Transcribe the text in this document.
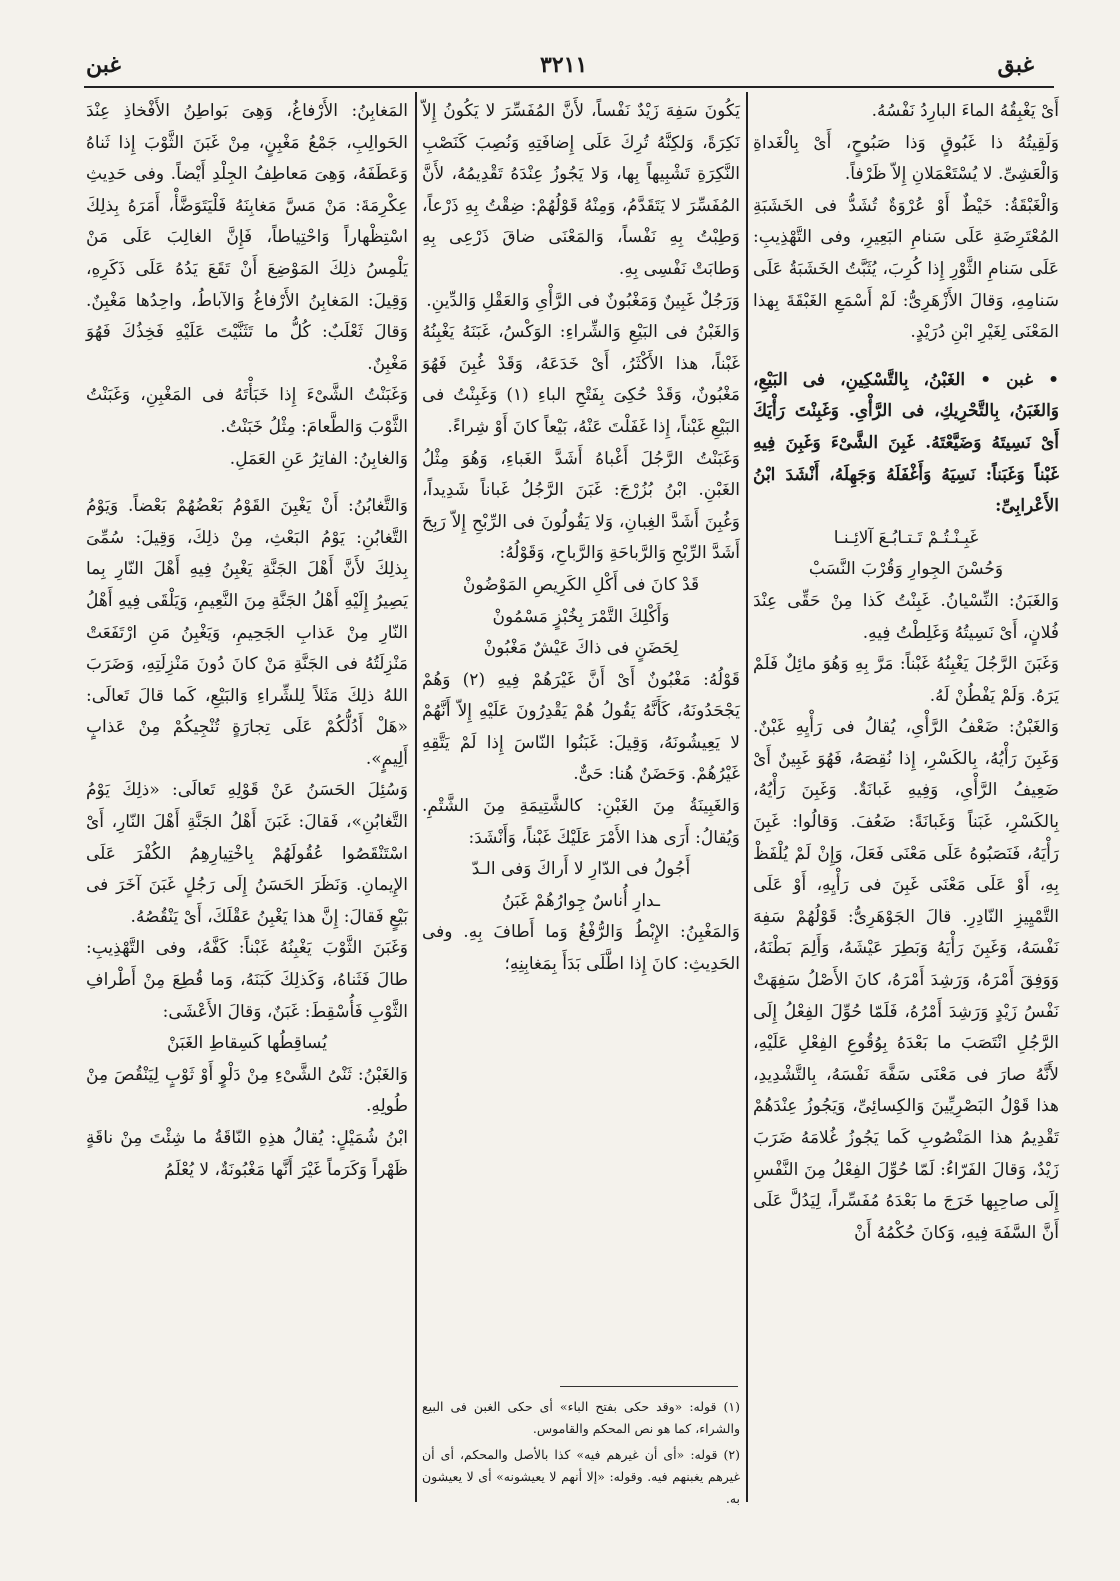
غبق
٣٢١١
غبن

أَىْ يَغْبِقُهُ الماءَ البارِدُ نَفْسُهُ.

وَلَقِيتُهُ ذا غَبُوقٍ وَذا صَبُوحٍ، أَىْ بِالْغَداةِ وَالْعَشِىِّ. لا يُسْتَعْمَلانِ إِلاّ ظَرْفاً.

وَالْغَبْقَةُ: خَيْطٌ أَوْ عُرْوَةٌ تُشَدُّ فى الخَشَبَةِ المُعْتَرِضَةِ عَلَى سَنامِ البَعِيرِ، وفى التَّهْذِيبِ: عَلَى سَنامِ الثَّوْرِ إِذا كُرِبَ، يُثَبَّتُ الخَشَبَةُ عَلَى سَنامِهِ، وَقالَ الأَزْهَرِىُّ: لَمْ أَسْمَعِ الغَبْقَةَ بِهذا المَعْنَى لِغَيْرِ ابْنِ دُرَيْدٍ.

• غبن • الغَبْنُ، بِالتَّسْكِينِ، فى البَيْعِ، وَالغَبَنُ، بِالتَّحْرِيكِ، فى الرَّأْىِ. وَغَبِنْتَ رَأْيَكَ أَىْ نَسِيتَهُ وَضَيَّعْتَهُ. غَبِنَ الشَّىْءَ وَغَبِنَ فِيهِ غَبْناً وَغَبَناً: نَسِيَهُ وَأَغْفَلَهُ وَجَهِلَهُ، أَنْشَدَ ابْنُ الأَعْرابِىِّ:

غَبِـنْـتُـمْ تَـتـابُـعَ آلائِـنـا

وَحُسْنَ الجِوارِ وَقُرْبَ النَّسَبْ

وَالغَبَنُ: النِّسْيانُ. غَبِنْتُ كَذا مِنْ حَقِّى عِنْدَ فُلانٍ، أَىْ نَسِيتُهُ وَغَلِطْتُ فِيهِ.

وَغَبَنَ الرَّجُلَ يَغْبِنُهُ غَبْناً: مَرَّ بِهِ وَهُوَ مائِلٌ فَلَمْ يَرَهُ. وَلَمْ يَفْطُنْ لَهُ.

وَالغَبْنُ: ضَعْفُ الرَّأْىِ، يُقالُ فى رَأْيِهِ غَبْنٌ. وَغَبِنَ رَأْيُهُ، بِالكَسْرِ، إِذا نُقِصَهُ، فَهُوَ غَبِينٌ أَىْ ضَعِيفُ الرَّأْىِ، وَفِيهِ غَبانَةٌ. وَغَبِنَ رَأْيُهُ، بِالكَسْرِ، غَبَناً وَغَبانَةً: ضَعُفَ. وَقالُوا: غَبِنَ رَأْيَهُ، فَنَصَبُوهُ عَلَى مَعْنَى فَعَلَ، وَإِنْ لَمْ يُلْفَظْ بِهِ، أَوْ عَلَى مَعْنَى غَبِنَ فى رَأْيِهِ، أَوْ عَلَى التَّمْيِيزِ النّادِرِ. قالَ الجَوْهَرِىُّ: قَوْلُهُمْ سَفِهَ نَفْسَهُ، وَغَبِنَ رَأْيَهُ وَبَطِرَ عَيْشَهُ، وَأَلِمَ بَطْنَهُ، وَوَفِقَ أَمْرَهُ، وَرَشِدَ أَمْرَهُ، كانَ الأَصْلُ سَفِهَتْ نَفْسُ زَيْدٍ وَرَشِدَ أَمْرُهُ، فَلَمّا حُوِّلَ الفِعْلُ إِلَى الرَّجُلِ انْتَصَبَ ما بَعْدَهُ بِوُقُوعِ الفِعْلِ عَلَيْهِ، لأَنَّهُ صارَ فى مَعْنَى سَفَّهَ نَفْسَهُ، بِالتَّشْدِيدِ، هذا قَوْلُ البَصْرِيِّينَ وَالكِسائِىِّ، وَيَجُوزُ عِنْدَهُمْ تَقْدِيمُ هذا المَنْصُوبِ كَما يَجُوزُ غُلامَهُ ضَرَبَ زَيْدٌ، وَقالَ الفَرّاءُ: لَمّا حُوِّلَ الفِعْلُ مِنَ النَّفْسِ إِلَى صاحِبِها خَرَجَ ما بَعْدَهُ مُفَسِّراً، لِيَدُلَّ عَلَى أَنَّ السَّفَهَ فِيهِ، وَكانَ حُكْمُهُ أَنْ

يَكُونَ سَفِهَ زَيْدٌ نَفْساً، لأَنَّ المُفَسِّرَ لا يَكُونُ إِلاّ نَكِرَةً، وَلكِنَّهُ تُرِكَ عَلَى إِضافَتِهِ وَنُصِبَ كَنَصْبِ النَّكِرَةِ تَشْبِيهاً بِها، وَلا يَجُوزُ عِنْدَهُ تَقْدِيمُهُ، لأَنَّ المُفَسِّرَ لا يَتَقَدَّمُ، وَمِنْهُ قَوْلُهُمْ: ضِقْتُ بِهِ ذَرْعاً، وَطِبْتُ بِهِ نَفْساً، وَالمَعْنَى ضاقَ ذَرْعِى بِهِ وَطابَتْ نَفْسِى بِهِ.

وَرَجُلٌ غَبِينٌ وَمَغْبُونٌ فى الرَّأْىِ وَالعَقْلِ وَالدِّينِ.

وَالغَبْنُ فى البَيْعِ وَالشِّراءِ: الوَكْسُ، غَبَنَهُ يَغْبِنُهُ غَبْناً، هذا الأَكْثَرُ، أَىْ خَدَعَهُ، وَقَدْ غُبِنَ فَهُوَ مَغْبُونٌ، وَقَدْ حُكِىَ بِفَتْحِ الباءِ (١) وَغَبِنْتُ فى البَيْعِ غَبْناً، إِذا غَفَلْتَ عَنْهُ، بَيْعاً كانَ أَوْ شِراءً.

وَغَبَنْتُ الرَّجُلَ أَغْباهُ أَشَدَّ الغَباءِ، وَهُوَ مِثْلُ الغَبْنِ. ابْنُ بُزُرْجَ: غَبَنَ الرَّجُلُ غَباناً شَدِيداً، وَغُبِنَ أَشَدَّ الغِبانِ، وَلا يَقُولُونَ فى الرِّبْحِ إِلاّ رَبِحَ أَشَدَّ الرِّبْحِ وَالرَّباحَةِ وَالرَّباحِ، وَقَوْلُهُ:

قَدْ كانَ فى أَكْلِ الكَرِيصِ المَوْضُونْ

وَأَكْلِكَ التَّمْرَ بِخُبْزٍ مَسْمُونْ

لِحَضَنٍ فى ذاكَ عَيْشٌ مَغْبُونْ

قَوْلُهُ: مَغْبُونٌ أَىْ أَنَّ غَيْرَهُمْ فِيهِ (٢) وَهُمْ يَجْحَدُونَهُ، كَأَنَّهُ يَقُولُ هُمْ يَقْدِرُونَ عَلَيْهِ إِلاّ أَنَّهُمْ لا يَعِيشُونَهُ، وَقِيلَ: غَبَنُوا النّاسَ إِذا لَمْ يَتَّقِهِ غَيْرُهُمْ. وَحَضَنٌ هُنا: حَىٌّ.

وَالغَبِينَةُ مِنَ الغَبْنِ: كالشَّتِيمَةِ مِنَ الشَّتْمِ. وَيُقالُ: أَرَى هذا الأَمْرَ عَلَيْكَ غَبْناً، وَأَنْشَدَ:

أَجُولُ فى الدّارِ لا أَراكَ وَفى الـدّ

ـدارِ أُناسٌ جِوارُهُمْ غَبَنُ

وَالمَغْبِنُ: الإِبْطُ وَالرُّفْغُ وَما أَطافَ بِهِ. وفى الحَدِيثِ: كانَ إِذا اطَّلَى بَدَأَ بِمَغابِنِهِ؛

(١) قوله: «وقد حكى بفتح الباء» أى حكى الغبن فى البيع والشراء، كما هو نص المحكم والقاموس.

(٢) قوله: «أى أن غيرهم فيه» كذا بالأصل والمحكم، أى أن غيرهم يغبنهم فيه. وقوله: «إلا أنهم لا يعيشونه» أى لا يعيشون به.

المَغابِنُ: الأَرْفاغُ، وَهِىَ بَواطِنُ الأَفْخاذِ عِنْدَ الحَوالِبِ، جَمْعُ مَغْبِنٍ، مِنْ غَبَنَ الثَّوْبَ إِذا ثَناهُ وَعَطَفَهُ، وَهِىَ مَعاطِفُ الجِلْدِ أَيْضاً. وفى حَدِيثِ عِكْرِمَةَ: مَنْ مَسَّ مَغابِنَهُ فَلْيَتَوَضَّأْ، أَمَرَهُ بِذلِكَ اسْتِظْهاراً وَاحْتِياطاً، فَإِنَّ الغالِبَ عَلَى مَنْ يَلْمِسُ ذلِكَ المَوْضِعَ أَنْ تَقَعَ يَدُهُ عَلَى ذَكَرِهِ، وَقِيلَ: المَغابِنُ الأَرْفاغُ وَالآباطُ، واحِدُها مَغْبِنٌ. وَقالَ ثَعْلَبٌ: كُلُّ ما تَثَنَّيْتَ عَلَيْهِ فَخِذُكَ فَهُوَ مَغْبِنٌ.

وَغَبَنْتُ الشَّىْءَ إِذا خَبَأْتَهُ فى المَغْبِنِ، وَغَبَنْتُ الثَّوْبَ وَالطَّعامَ: مِثْلُ خَبَنْتُ.

وَالغابِنُ: الفاتِرُ عَنِ العَمَلِ.

وَالتَّغابُنُ: أَنْ يَغْبِنَ القَوْمُ بَعْضُهُمْ بَعْضاً. وَيَوْمُ التَّغابُنِ: يَوْمُ البَعْثِ، مِنْ ذلِكَ، وَقِيلَ: سُمِّىَ بِذلِكَ لأَنَّ أَهْلَ الجَنَّةِ يَغْبِنُ فِيهِ أَهْلَ النّارِ بِما يَصِيرُ إِلَيْهِ أَهْلُ الجَنَّةِ مِنَ النَّعِيمِ، وَيَلْقَى فِيهِ أَهْلُ النّارِ مِنْ عَذابِ الجَحِيمِ، وَيَغْبِنُ مَنِ ارْتَفَعَتْ مَنْزِلَتُهُ فى الجَنَّةِ مَنْ كانَ دُونَ مَنْزِلَتِهِ، وَضَرَبَ اللهُ ذلِكَ مَثَلاً لِلشِّراءِ وَالبَيْعِ، كَما قالَ تَعالَى: «هَلْ أَدُلُّكُمْ عَلَى تِجارَةٍ تُنْجِيكُمْ مِنْ عَذابٍ أَلِيمٍ».

وَسُئِلَ الحَسَنُ عَنْ قَوْلِهِ تَعالَى: «ذلِكَ يَوْمُ التَّغابُنِ»، فَقالَ: غَبَنَ أَهْلُ الجَنَّةِ أَهْلَ النّارِ، أَىْ اسْتَنْقَصُوا عُقُولَهُمْ بِاخْتِيارِهِمُ الكُفْرَ عَلَى الإِيمانِ. وَنَظَرَ الحَسَنُ إِلَى رَجُلٍ غَبَنَ آخَرَ فى بَيْعٍ فَقالَ: إِنَّ هذا يَغْبِنُ عَقْلَكَ، أَىْ يَنْقُصُهُ.

وَغَبَنَ الثَّوْبَ يَغْبِنُهُ غَبْناً: كَفَّهُ، وفى التَّهْذِيبِ: طالَ فَثَناهُ، وَكَذلِكَ كَبَنَهُ، وَما قُطِعَ مِنْ أَطْرافِ الثَّوْبِ فَأُسْقِطَ: غَبَنٌ، وَقالَ الأَعْشَى:

يُساقِطُها كَسِقاطِ الغَبَنْ

وَالغَبْنُ: ثَنْىُ الشَّىْءِ مِنْ دَلْوٍ أَوْ ثَوْبٍ لِيَنْقُصَ مِنْ طُولِهِ.

ابْنُ شُمَيْلٍ: يُقالُ هذِهِ النّاقَةُ ما شِئْتَ مِنْ ناقَةٍ ظَهْراً وَكَرَماً غَيْرَ أَنَّها مَغْبُونَةٌ، لا يُعْلَمُ
